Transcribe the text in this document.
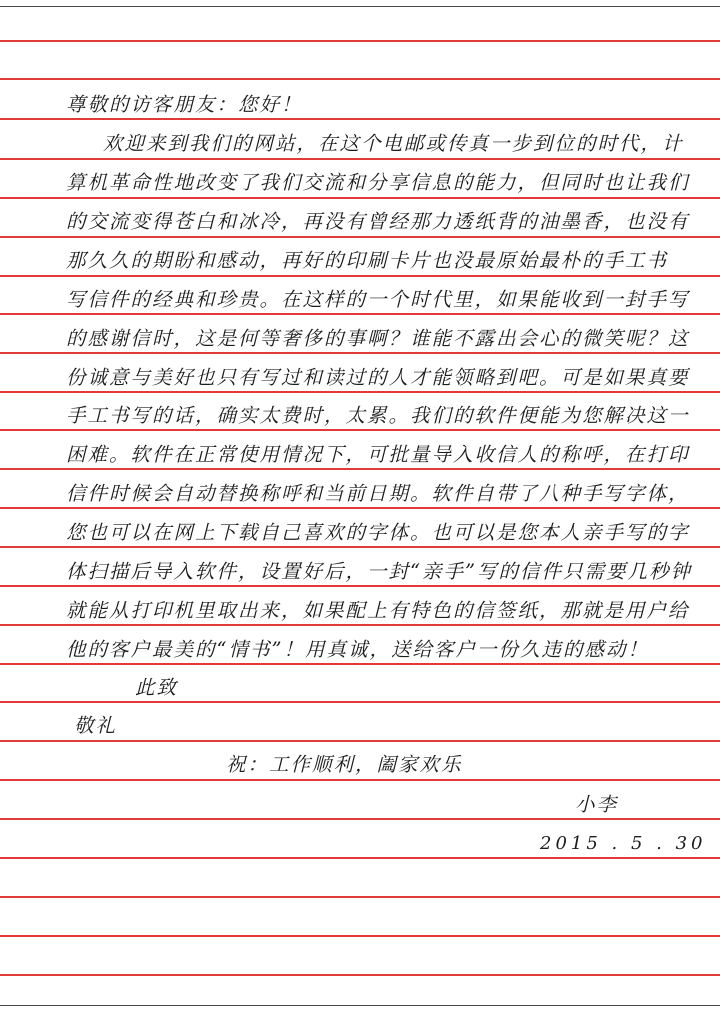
尊敬的访客朋友：您好！
欢迎来到我们的网站，在这个电邮或传真一步到位的时代，计
算机革命性地改变了我们交流和分享信息的能力，但同时也让我们
的交流变得苍白和冰冷，再没有曾经那力透纸背的油墨香，也没有
那久久的期盼和感动，再好的印刷卡片也没最原始最朴的手工书
写信件的经典和珍贵。在这样的一个时代里，如果能收到一封手写
的感谢信时，这是何等奢侈的事啊？谁能不露出会心的微笑呢？这
份诚意与美好也只有写过和读过的人才能领略到吧。可是如果真要
手工书写的话，确实太费时，太累。我们的软件便能为您解决这一
困难。软件在正常使用情况下，可批量导入收信人的称呼，在打印
信件时候会自动替换称呼和当前日期。软件自带了八种手写字体，
您也可以在网上下载自己喜欢的字体。也可以是您本人亲手写的字
体扫描后导入软件，设置好后，一封“亲手”写的信件只需要几秒钟
就能从打印机里取出来，如果配上有特色的信签纸，那就是用户给
他的客户最美的“情书”！用真诚，送给客户一份久违的感动！
此致
敬礼
祝：工作顺利，阖家欢乐
小李
2015 . 5 . 30
